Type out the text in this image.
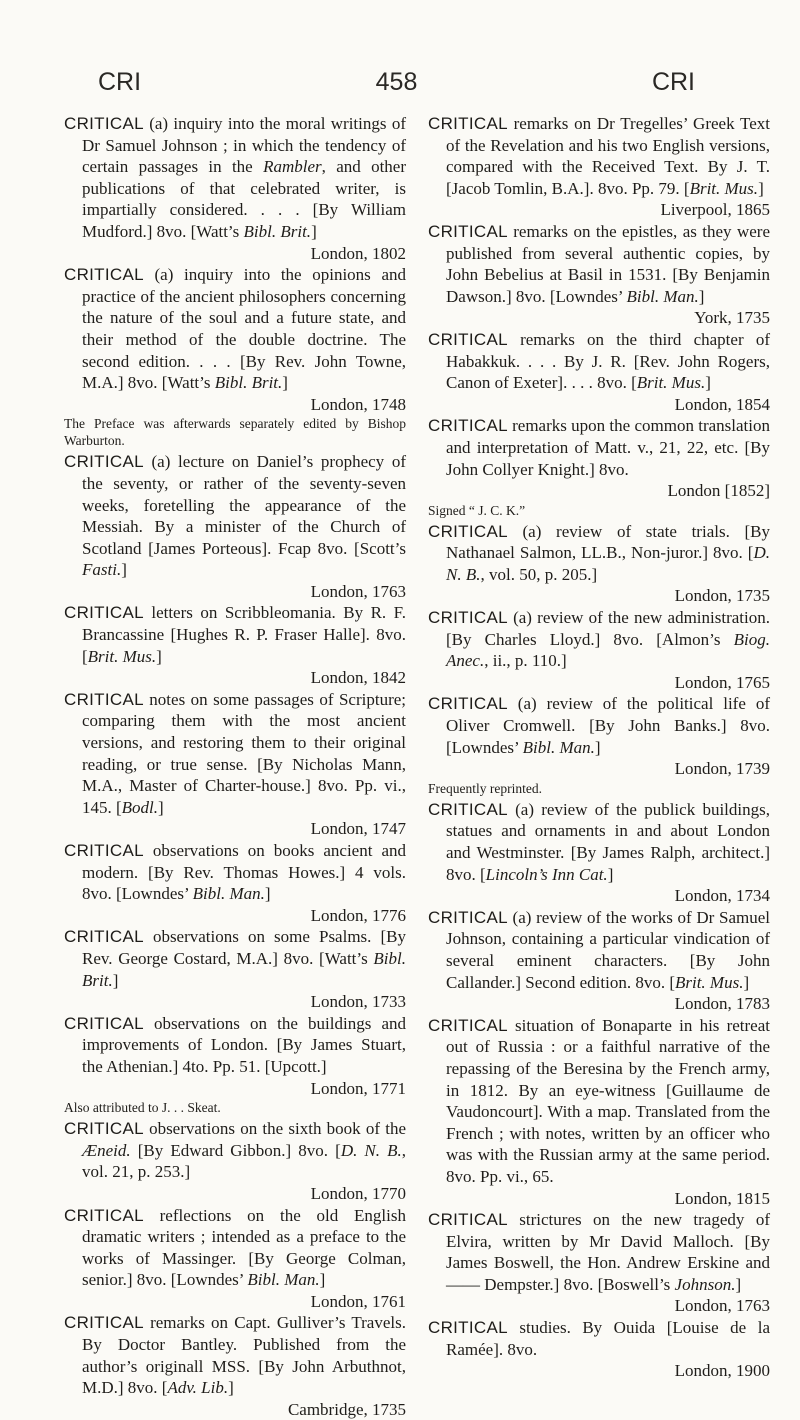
CRI	458	CRI

CRITICAL (a) inquiry into the moral writings of Dr Samuel Johnson ; in which the tendency of certain passages in the Rambler, and other publications of that celebrated writer, is impartially considered. . . . [By William Mudford.] 8vo. [Watt’s Bibl. Brit.]
London, 1802

CRITICAL (a) inquiry into the opinions and practice of the ancient philosophers concerning the nature of the soul and a future state, and their method of the double doctrine. The second edition. . . . [By Rev. John Towne, M.A.] 8vo. [Watt’s Bibl. Brit.]
London, 1748

The Preface was afterwards separately edited by Bishop Warburton.

CRITICAL (a) lecture on Daniel’s prophecy of the seventy, or rather of the seventy-seven weeks, foretelling the appearance of the Messiah. By a minister of the Church of Scotland [James Porteous]. Fcap 8vo. [Scott’s Fasti.]
London, 1763

CRITICAL letters on Scribbleomania. By R. F. Brancassine [Hughes R. P. Fraser Halle]. 8vo. [Brit. Mus.]
London, 1842

CRITICAL notes on some passages of Scripture; comparing them with the most ancient versions, and restoring them to their original reading, or true sense. [By Nicholas Mann, M.A., Master of Charter-house.] 8vo. Pp. vi., 145. [Bodl.]
London, 1747

CRITICAL observations on books ancient and modern. [By Rev. Thomas Howes.] 4 vols. 8vo. [Lowndes’ Bibl. Man.]
London, 1776

CRITICAL observations on some Psalms. [By Rev. George Costard, M.A.] 8vo. [Watt’s Bibl. Brit.]
London, 1733

CRITICAL observations on the buildings and improvements of London. [By James Stuart, the Athenian.] 4to. Pp. 51. [Upcott.]
London, 1771

Also attributed to J. . . Skeat.

CRITICAL observations on the sixth book of the Æneid. [By Edward Gibbon.] 8vo. [D. N. B., vol. 21, p. 253.]
London, 1770

CRITICAL reflections on the old English dramatic writers ; intended as a preface to the works of Massinger. [By George Colman, senior.] 8vo. [Lowndes’ Bibl. Man.]
London, 1761

CRITICAL remarks on Capt. Gulliver’s Travels. By Doctor Bantley. Published from the author’s originall MSS. [By John Arbuthnot, M.D.] 8vo. [Adv. Lib.]
Cambridge, 1735

CRITICAL remarks on Dr Tregelles’ Greek Text of the Revelation and his two English versions, compared with the Received Text. By J. T. [Jacob Tomlin, B.A.]. 8vo. Pp. 79. [Brit. Mus.]
Liverpool, 1865

CRITICAL remarks on the epistles, as they were published from several authentic copies, by John Bebelius at Basil in 1531. [By Benjamin Dawson.] 8vo. [Lowndes’ Bibl. Man.]
York, 1735

CRITICAL remarks on the third chapter of Habakkuk. . . . By J. R. [Rev. John Rogers, Canon of Exeter]. . . . 8vo. [Brit. Mus.]
London, 1854

CRITICAL remarks upon the common translation and interpretation of Matt. v., 21, 22, etc. [By John Collyer Knight.] 8vo.
London [1852]

Signed “ J. C. K.”

CRITICAL (a) review of state trials. [By Nathanael Salmon, LL.B., Non-juror.] 8vo. [D. N. B., vol. 50, p. 205.]
London, 1735

CRITICAL (a) review of the new administration. [By Charles Lloyd.] 8vo. [Almon’s Biog. Anec., ii., p. 110.]
London, 1765

CRITICAL (a) review of the political life of Oliver Cromwell. [By John Banks.] 8vo. [Lowndes’ Bibl. Man.]
London, 1739

Frequently reprinted.

CRITICAL (a) review of the publick buildings, statues and ornaments in and about London and Westminster. [By James Ralph, architect.] 8vo. [Lincoln’s Inn Cat.]
London, 1734

CRITICAL (a) review of the works of Dr Samuel Johnson, containing a particular vindication of several eminent characters. [By John Callander.] Second edition. 8vo. [Brit. Mus.]
London, 1783

CRITICAL situation of Bonaparte in his retreat out of Russia : or a faithful narrative of the repassing of the Beresina by the French army, in 1812. By an eye-witness [Guillaume de Vaudoncourt]. With a map. Translated from the French ; with notes, written by an officer who was with the Russian army at the same period. 8vo. Pp. vi., 65.
London, 1815

CRITICAL strictures on the new tragedy of Elvira, written by Mr David Malloch. [By James Boswell, the Hon. Andrew Erskine and —— Dempster.] 8vo. [Boswell’s Johnson.]
London, 1763

CRITICAL studies. By Ouida [Louise de la Ramée]. 8vo.
London, 1900
